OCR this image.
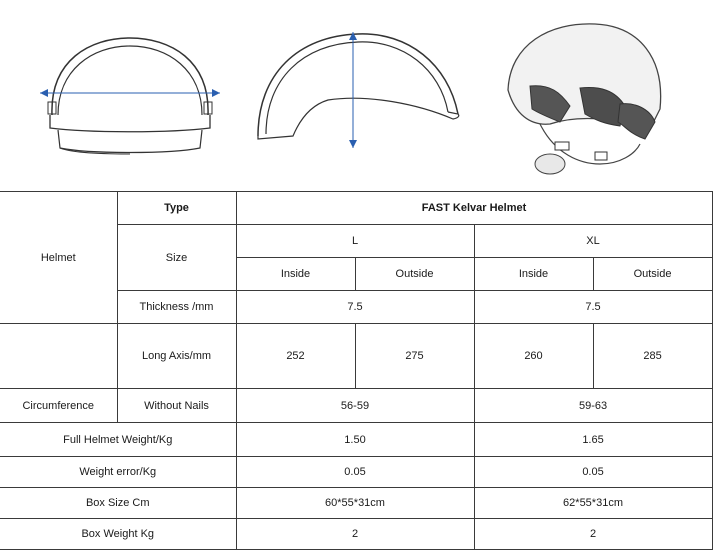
Helmet	Type	FAST Kelvar Helmet			
	Size	L		XL	
		Inside	Outside	Inside	Outside
	Thickness /mm	7.5		7.5	
	Long Axis/mm	252	275	260	285
Circumference	Without Nails	56-59		59-63	
Full Helmet Weight/Kg		1.50		1.65	
Weight error/Kg		0.05		0.05	
Box Size Cm		60*55*31cm		62*55*31cm	
Box Weight Kg		2		2	
